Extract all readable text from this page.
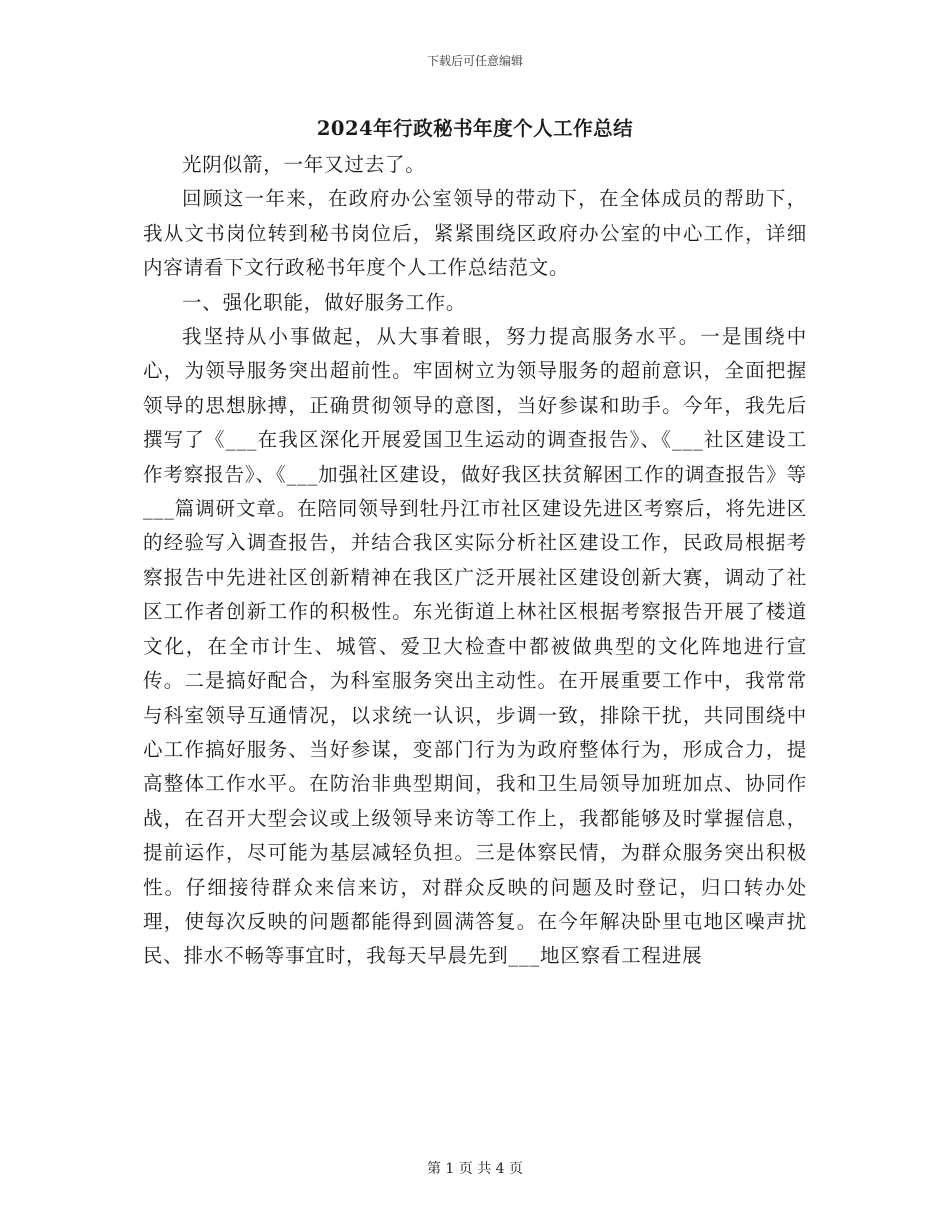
下载后可任意编辑
2024年行政秘书年度个人工作总结

光阴似箭，一年又过去了。

回顾这一年来，在政府办公室领导的带动下，在全体成员的帮助下，我从文书岗位转到秘书岗位后，紧紧围绕区政府办公室的中心工作，详细内容请看下文行政秘书年度个人工作总结范文。

一、强化职能，做好服务工作。

我坚持从小事做起，从大事着眼，努力提高服务水平。一是围绕中心，为领导服务突出超前性。牢固树立为领导服务的超前意识，全面把握领导的思想脉搏，正确贯彻领导的意图，当好参谋和助手。今年，我先后撰写了《___在我区深化开展爱国卫生运动的调查报告》、《___社区建设工作考察报告》、《___加强社区建设，做好我区扶贫解困工作的调查报告》等___篇调研文章。在陪同领导到牡丹江市社区建设先进区考察后，将先进区的经验写入调查报告，并结合我区实际分析社区建设工作，民政局根据考察报告中先进社区创新精神在我区广泛开展社区建设创新大赛，调动了社区工作者创新工作的积极性。东光街道上林社区根据考察报告开展了楼道文化，在全市计生、城管、爱卫大检查中都被做典型的文化阵地进行宣传。二是搞好配合，为科室服务突出主动性。在开展重要工作中，我常常与科室领导互通情况，以求统一认识，步调一致，排除干扰，共同围绕中心工作搞好服务、当好参谋，变部门行为为政府整体行为，形成合力，提高整体工作水平。在防治非典型期间，我和卫生局领导加班加点、协同作战，在召开大型会议或上级领导来访等工作上，我都能够及时掌握信息，提前运作，尽可能为基层减轻负担。三是体察民情，为群众服务突出积极性。仔细接待群众来信来访，对群众反映的问题及时登记，归口转办处理，使每次反映的问题都能得到圆满答复。在今年解决卧里屯地区噪声扰民、排水不畅等事宜时，我每天早晨先到___地区察看工程进展

第 1 页 共 4 页
